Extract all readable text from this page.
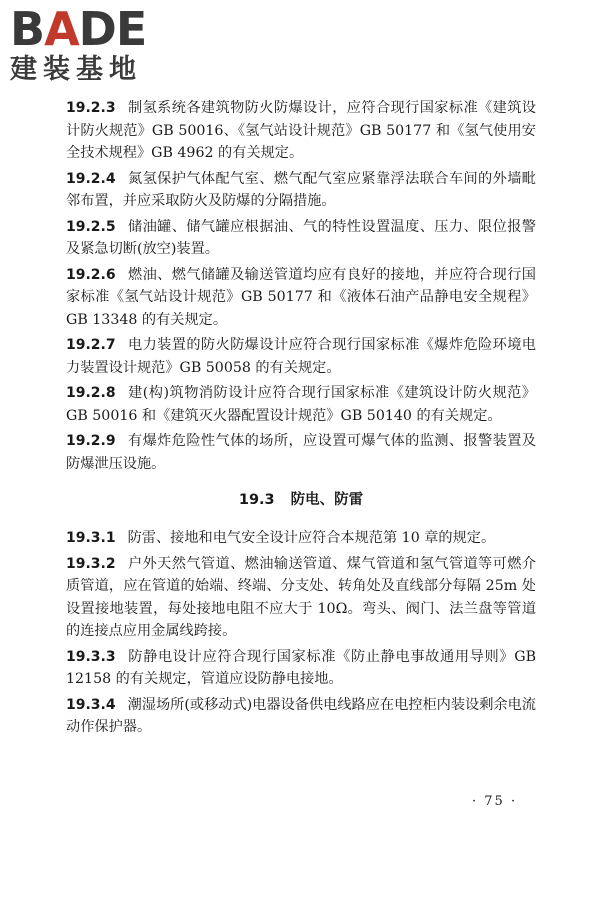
BADE
建装基地

19.2.3 制氢系统各建筑物防火防爆设计，应符合现行国家标准《建筑设计防火规范》GB 50016、《氢气站设计规范》GB 50177 和《氢气使用安全技术规程》GB 4962 的有关规定。

19.2.4 氮氢保护气体配气室、燃气配气室应紧靠浮法联合车间的外墙毗邻布置，并应采取防火及防爆的分隔措施。

19.2.5 储油罐、储气罐应根据油、气的特性设置温度、压力、限位报警及紧急切断(放空)装置。

19.2.6 燃油、燃气储罐及输送管道均应有良好的接地，并应符合现行国家标准《氢气站设计规范》GB 50177 和《液体石油产品静电安全规程》GB 13348 的有关规定。

19.2.7 电力装置的防火防爆设计应符合现行国家标准《爆炸危险环境电力装置设计规范》GB 50058 的有关规定。

19.2.8 建(构)筑物消防设计应符合现行国家标准《建筑设计防火规范》GB 50016 和《建筑灭火器配置设计规范》GB 50140 的有关规定。

19.2.9 有爆炸危险性气体的场所，应设置可爆气体的监测、报警装置及防爆泄压设施。

19.3 防电、防雷

19.3.1 防雷、接地和电气安全设计应符合本规范第 10 章的规定。

19.3.2 户外天然气管道、燃油输送管道、煤气管道和氢气管道等可燃介质管道，应在管道的始端、终端、分支处、转角处及直线部分每隔 25m 处设置接地装置，每处接地电阻不应大于 10Ω。弯头、阀门、法兰盘等管道的连接点应用金属线跨接。

19.3.3 防静电设计应符合现行国家标准《防止静电事故通用导则》GB 12158 的有关规定，管道应设防静电接地。

19.3.4 潮湿场所(或移动式)电器设备供电线路应在电控柜内装设剩余电流动作保护器。

· 75 ·
